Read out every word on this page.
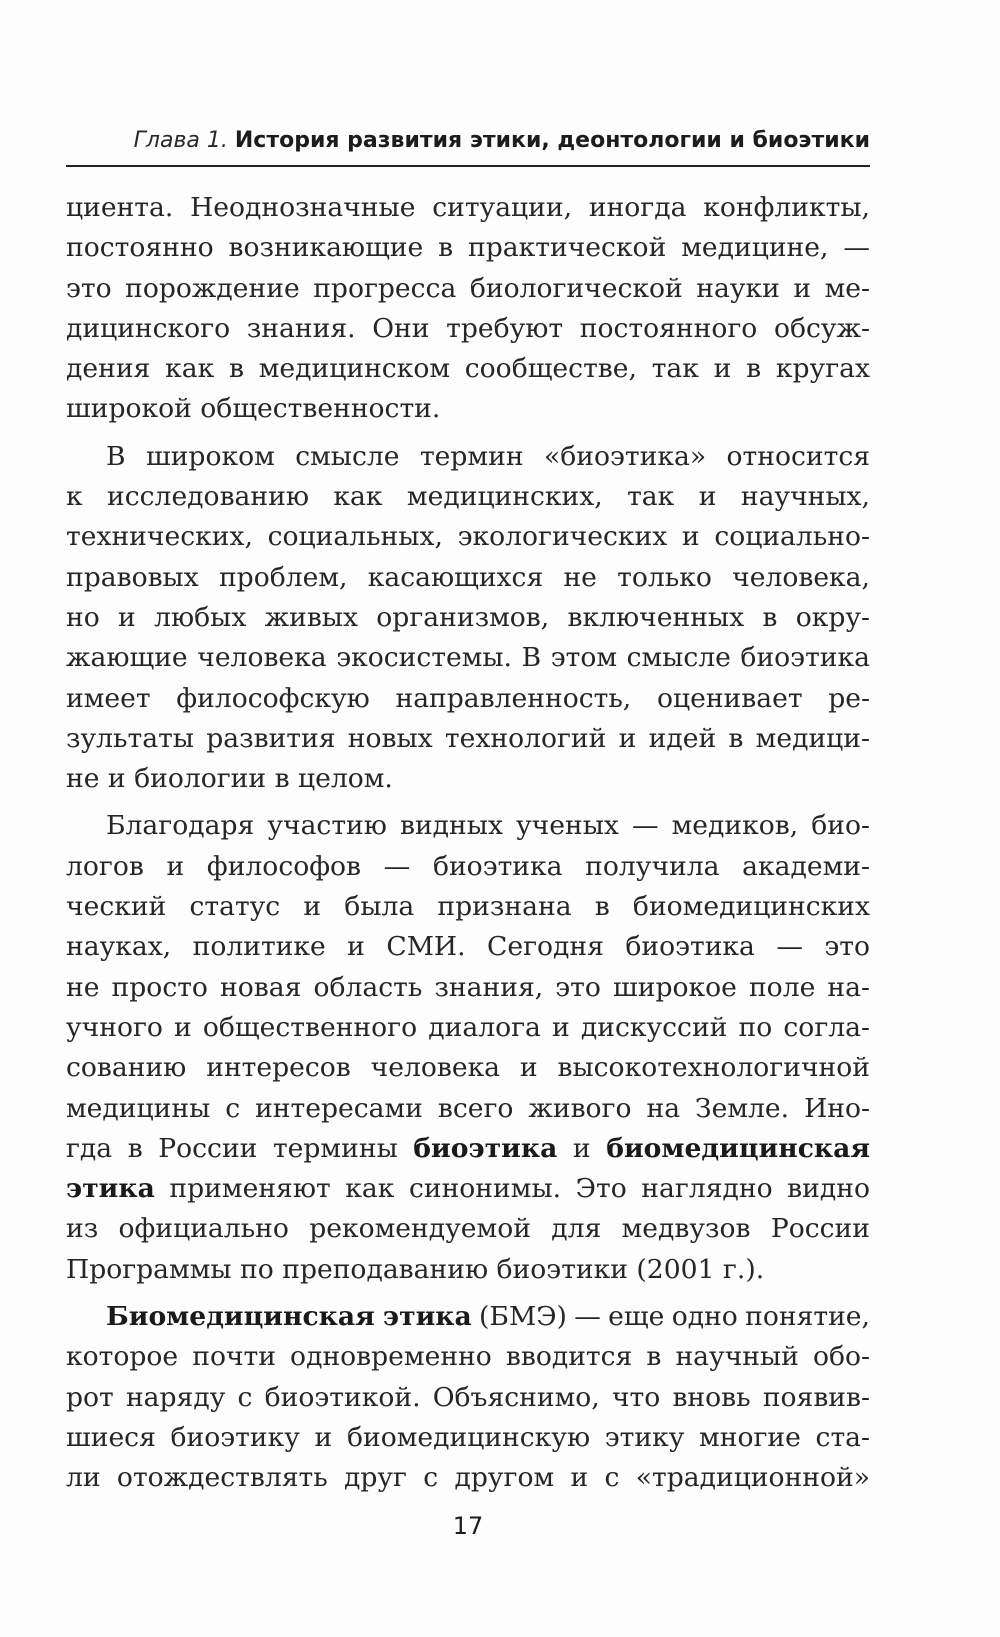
Глава 1. История развития этики, деонтологии и биоэтики

циента. Неоднозначные ситуации, иногда конфликты,
постоянно возникающие в практической медицине, —
это порождение прогресса биологической науки и ме-
дицинского знания. Они требуют постоянного обсуж-
дения как в медицинском сообществе, так и в кругах
широкой общественности.

В широком смысле термин «биоэтика» относится
к исследованию как медицинских, так и научных,
технических, социальных, экологических и социально-
правовых проблем, касающихся не только человека,
но и любых живых организмов, включенных в окру-
жающие человека экосистемы. В этом смысле биоэтика
имеет философскую направленность, оценивает ре-
зультаты развития новых технологий и идей в медици-
не и биологии в целом.

Благодаря участию видных ученых — медиков, био-
логов и философов — биоэтика получила академи-
ческий статус и была признана в биомедицинских
науках, политике и СМИ. Сегодня биоэтика — это
не просто новая область знания, это широкое поле на-
учного и общественного диалога и дискуссий по согла-
сованию интересов человека и высокотехнологичной
медицины с интересами всего живого на Земле. Ино-
гда в России термины биоэтика и биомедицинская
этика применяют как синонимы. Это наглядно видно
из официально рекомендуемой для медвузов России
Программы по преподаванию биоэтики (2001 г.).

Биомедицинская этика (БМЭ) — еще одно понятие,
которое почти одновременно вводится в научный обо-
рот наряду с биоэтикой. Объяснимо, что вновь появив-
шиеся биоэтику и биомедицинскую этику многие ста-
ли отождествлять друг с другом и с «традиционной»

17
